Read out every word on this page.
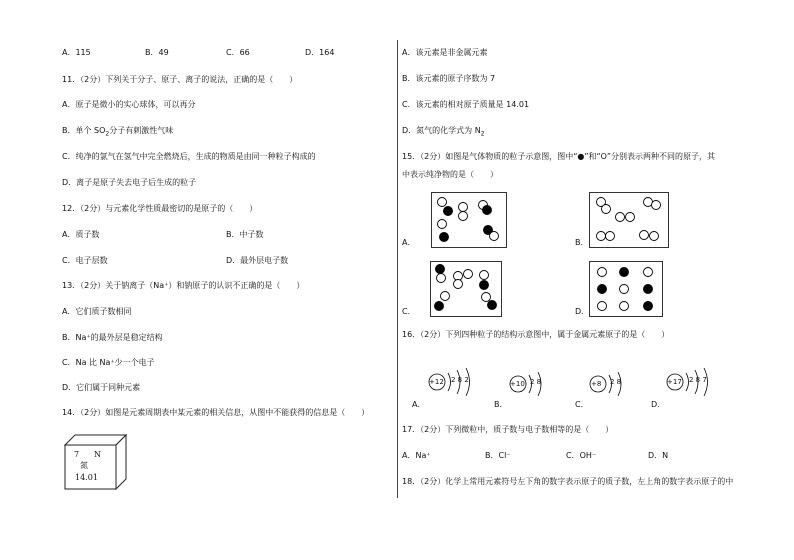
A．115	B．49	C．66	D．164
11．（2分）下列关于分子、原子、离子的说法，正确的是（　　）
A．原子是微小的实心球体，可以再分
B．单个 $SO_2$分子有刺激性气味
C．纯净的氯气在氢气中完全燃烧后，生成的物质是由同一种粒子构成的
D．离子是原子失去电子后生成的粒子
12．（2分）与元素化学性质最密切的是原子的（　　）
A．质子数	B．中子数
C．电子层数	D．最外层电子数
13．（2分）关于钠离子（Na⁺）和钠原子的认识不正确的是（　　）
A．它们质子数相同
B．Na⁺的最外层是稳定结构
C．Na 比 Na⁺少一个电子
D．它们属于同种元素
14．（2分）如图是元素周期表中某元素的相关信息，从图中不能获得的信息是（　　）
7 N
氮
14.01
A．该元素是非金属元素
B．该元素的原子序数为 7
C．该元素的相对原子质量是 14.01
D．氮气的化学式为 $N_2$
15．（2分）如图是气体物质的粒子示意图，图中“●”和“O”分别表示两种不同的原子，其
中表示纯净物的是（　　）
A．	B．
C．	D．
16．（2分）下列四种粒子的结构示意图中，属于金属元素原子的是（　　）
A．
+12 2 8 2
B．
+10 2 8
C．
+8 2 8
D．
+17 2 8 7
17．（2分）下列微粒中，质子数与电子数相等的是（　　）
A．Na⁺	B．Cl⁻	C．OH⁻	D．N
18．（2分）化学上常用元素符号左下角的数字表示原子的质子数，左上角的数字表示原子的中
